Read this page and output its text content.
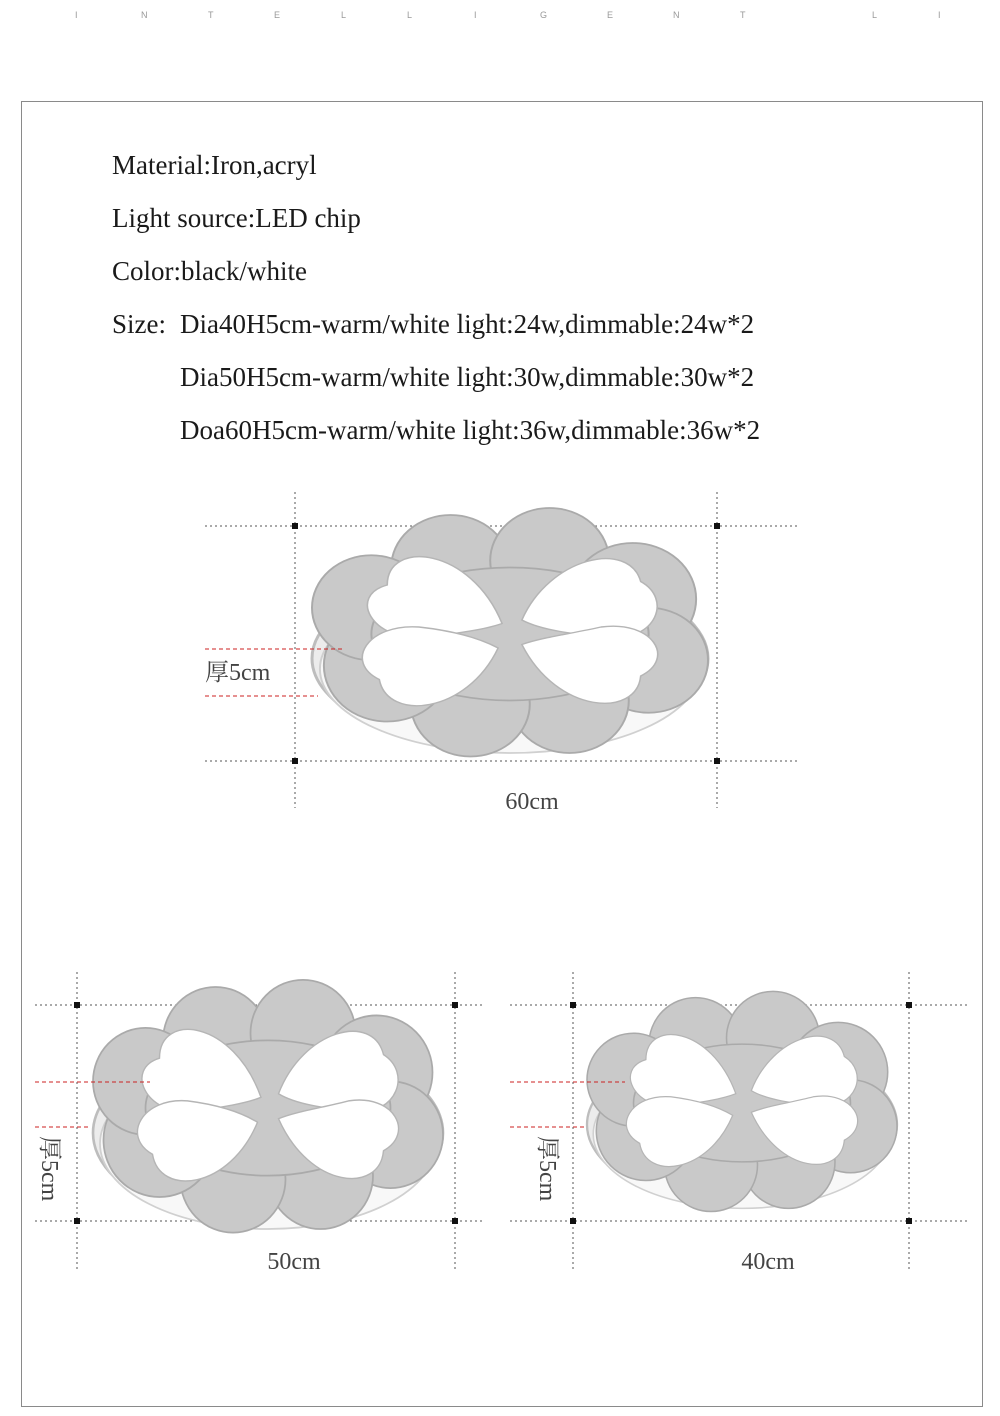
I	N	T	E	L	L	I	G	E	N	T	L	I
Material:Iron,acryl
Light source:LED chip
Color:black/white
Size: Dia40H5cm-warm/white light:24w,dimmable:24w*2
Dia50H5cm-warm/white light:30w,dimmable:30w*2
Doa60H5cm-warm/white light:36w,dimmable:36w*2
60cm
厚5cm
50cm
厚5cm
40cm
厚5cm
